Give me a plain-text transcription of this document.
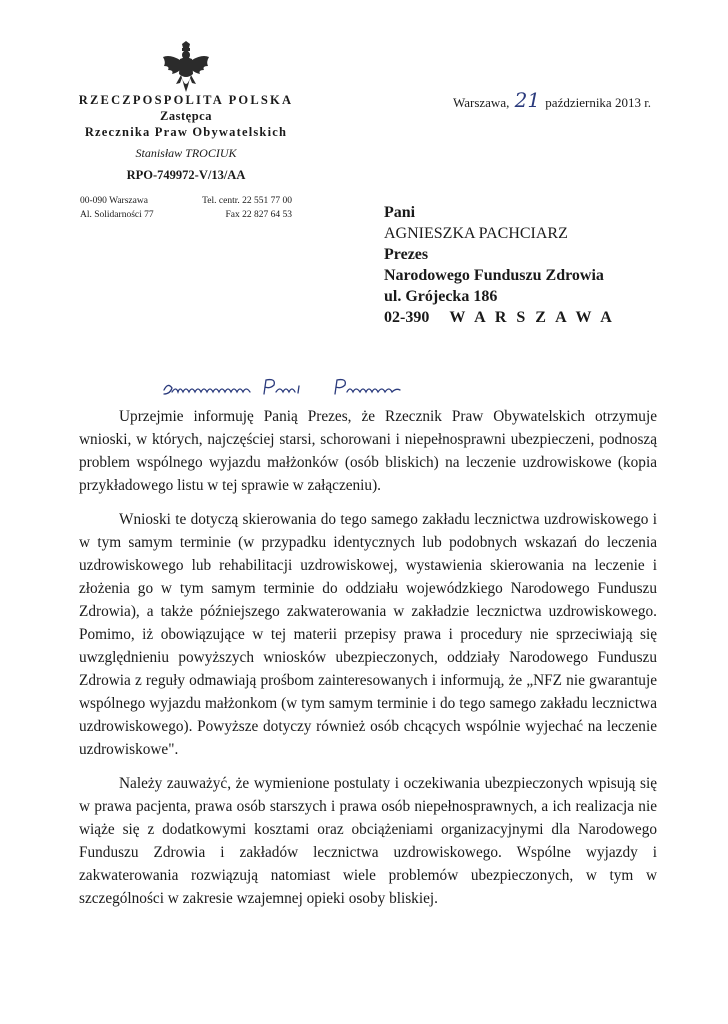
RZECZPOSPOLITA POLSKA
Zastępca
Rzecznika Praw Obywatelskich
Stanisław TROCIUK
RPO-749972-V/13/AA
00-090 Warszawa
Al. Solidarności 77
Tel. centr. 22 551 77 00
Fax 22 827 64 53
Warszawa, 21 października 2013 r.
Pani
AGNIESZKA PACHCIARZ
Prezes
Narodowego Funduszu Zdrowia
ul. Grójecka 186
02-390 W A R S Z A W A

Uprzejmie informuję Panią Prezes, że Rzecznik Praw Obywatelskich otrzymuje wnioski, w których, najczęściej starsi, schorowani i niepełnosprawni ubezpieczeni, podnoszą problem wspólnego wyjazdu małżonków (osób bliskich) na leczenie uzdrowiskowe (kopia przykładowego listu w tej sprawie w załączeniu).

Wnioski te dotyczą skierowania do tego samego zakładu lecznictwa uzdrowiskowego i w tym samym terminie (w przypadku identycznych lub podobnych wskazań do leczenia uzdrowiskowego lub rehabilitacji uzdrowiskowej, wystawienia skierowania na leczenie i złożenia go w tym samym terminie do oddziału wojewódzkiego Narodowego Funduszu Zdrowia), a także późniejszego zakwaterowania w zakładzie lecznictwa uzdrowiskowego. Pomimo, iż obowiązujące w tej materii przepisy prawa i procedury nie sprzeciwiają się uwzględnieniu powyższych wniosków ubezpieczonych, oddziały Narodowego Funduszu Zdrowia z reguły odmawiają prośbom zainteresowanych i informują, że „NFZ nie gwarantuje wspólnego wyjazdu małżonkom (w tym samym terminie i do tego samego zakładu lecznictwa uzdrowiskowego). Powyższe dotyczy również osób chcących wspólnie wyjechać na leczenie uzdrowiskowe".

Należy zauważyć, że wymienione postulaty i oczekiwania ubezpieczonych wpisują się w prawa pacjenta, prawa osób starszych i prawa osób niepełnosprawnych, a ich realizacja nie wiąże się z dodatkowymi kosztami oraz obciążeniami organizacyjnymi dla Narodowego Funduszu Zdrowia i zakładów lecznictwa uzdrowiskowego. Wspólne wyjazdy i zakwaterowania rozwiązują natomiast wiele problemów ubezpieczonych, w tym w szczególności w zakresie wzajemnej opieki osoby bliskiej.
